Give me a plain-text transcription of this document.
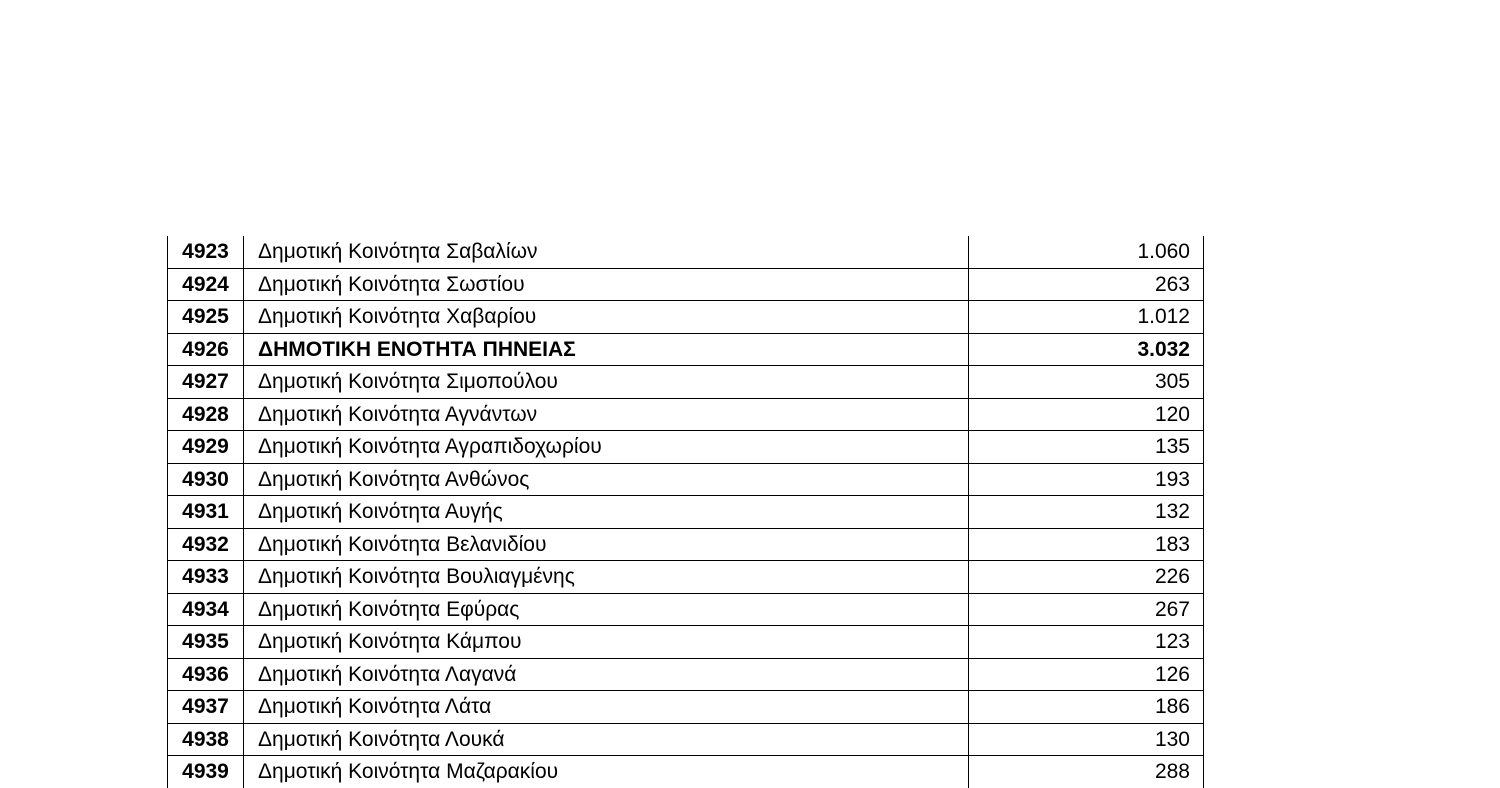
4923	Δημοτική Κοινότητα Σαβαλίων	1.060
4924	Δημοτική Κοινότητα Σωστίου	263
4925	Δημοτική Κοινότητα Χαβαρίου	1.012
4926	ΔΗΜΟΤΙΚΗ ΕΝΟΤΗΤΑ ΠΗΝΕΙΑΣ	3.032
4927	Δημοτική Κοινότητα Σιμοπούλου	305
4928	Δημοτική Κοινότητα Αγνάντων	120
4929	Δημοτική Κοινότητα Αγραπιδοχωρίου	135
4930	Δημοτική Κοινότητα Ανθώνος	193
4931	Δημοτική Κοινότητα Αυγής	132
4932	Δημοτική Κοινότητα Βελανιδίου	183
4933	Δημοτική Κοινότητα Βουλιαγμένης	226
4934	Δημοτική Κοινότητα Εφύρας	267
4935	Δημοτική Κοινότητα Κάμπου	123
4936	Δημοτική Κοινότητα Λαγανά	126
4937	Δημοτική Κοινότητα Λάτα	186
4938	Δημοτική Κοινότητα Λουκά	130
4939	Δημοτική Κοινότητα Μαζαρακίου	288
